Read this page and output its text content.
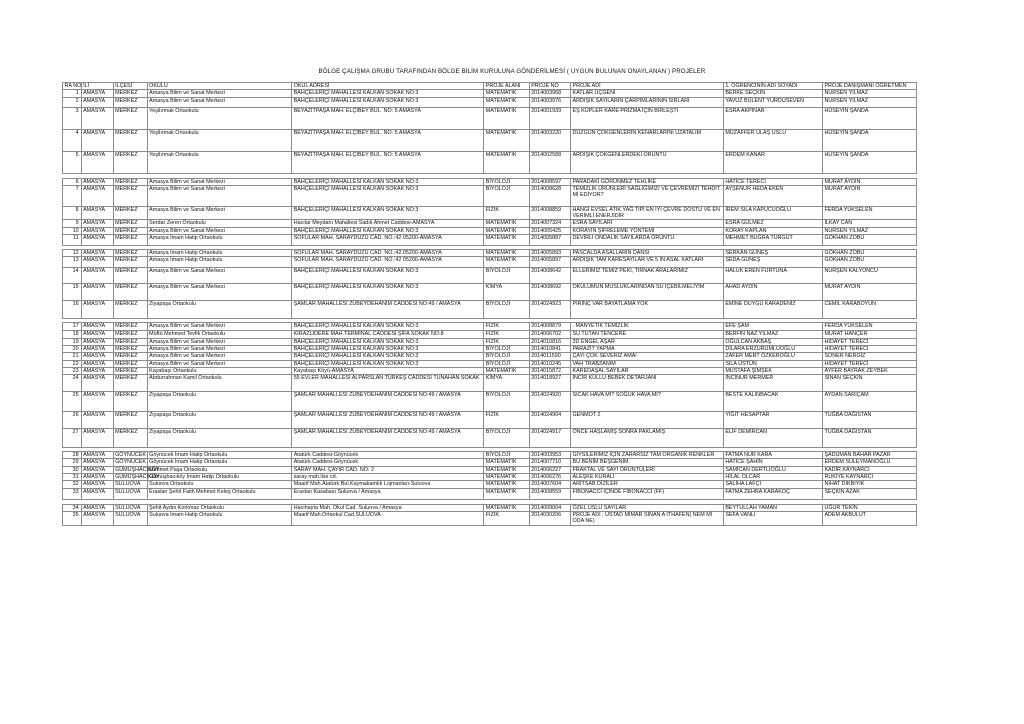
BÖLGE ÇALIŞMA GRUBU TARAFINDAN BÖLGE BİLİM KURULUNA GÖNDERİLMESİ ( UYGUN BULUNAN ONAYLANAN ) PROJELER
RA NO	İLİ	İLÇESİ	OKULU	OKUL ADRESİ	PROJE ALANI	PROJE NO	PROJE ADI	1. ÖĞRENCİNİN ADI SOYADI	PROJE DANIŞMANI ÖĞRETMEN
1	AMASYA	MERKEZ	Amasya Bilim ve Sanat Merkezi	BAHÇELERİÇİ MAHALLESİ KALKAN SOKAK NO:3	MATEMATİK	2014003968	KATLAR ÜÇGENİ	BERKE SEÇKİN	NURSEN YILMAZ
2	AMASYA	MERKEZ	Amasya Bilim ve Sanat Merkezi	BAHÇELERİÇİ MAHALLESİ KALKAN SOKAK NO:3	MATEMATİK	2014003976	ARDIŞIK SAYILARIN ÇARPIMLARININ SIRLARI	YAVUZ BÜLENT YURDUSEVEN	NURSEN YILMAZ
3	AMASYA	MERKEZ	Yeşilırmak Ortaokulu	BEYAZITPAŞA MAH. ELÇİBEY BUL. NO: 5 AMASYA	MATEMATİK	2014001939	EŞ KÜPLER KARE PRİZMA İÇİN BİRLEŞTİ	ESRA AKPINAR	HÜSEYİN ŞANDA
4	AMASYA	MERKEZ	Yeşilırmak Ortaokulu	BEYAZITPAŞA MAH. ELÇİBEY BUL. NO: 5 AMASYA	MATEMATİK	2014003220	DÜZGÜN ÇOKGENLERİN KENARLARINI UZATALIM	MUZAFFER ULAŞ USLU	HÜSEYİN ŞANDA
5	AMASYA	MERKEZ	Yeşilırmak Ortaokulu	BEYAZITPAŞA MAH. ELÇİBEY BUL. NO: 5 AMASYA	MATEMATİK	2014002588	ARDIŞIK ÇOKGENLERDEKİ ÖRÜNTÜ	ERDEM KANAR	HÜSEYİN ŞANDA

6	AMASYA	MERKEZ	Amasya Bilim ve Sanat Merkezi	BAHÇELERİÇİ MAHALLESİ KALKAN SOKAK NO:3	BİYOLOJİ	2014008597	PARADAKİ GÖRÜNMEZ TEHLİKE	HATİCE TERECİ	MURAT AYDIN
7	AMASYA	MERKEZ	Amasya Bilim ve Sanat Merkezi	BAHÇELERİÇİ MAHALLESİ KALKAN SOKAK NO:3	BİYOLOJİ	2014008628	TEMİZLİK ÜRÜNLERİ SAĞLIĞIMIZI VE ÇEVREMİZİ TEHDİT Mİ EDİYOR?	AYŞENUR HEDA EKEN	MURAT AYDIN
8	AMASYA	MERKEZ	Amasya Bilim ve Sanat Merkezi	BAHÇELERİÇİ MAHALLESİ KALKAN SOKAK NO:3	FİZİK	2014008859	HANGİ EVSEL ATIK YAĞ TİPİ EN İYİ ÇEVRE DOSTU VE EN VERİMLİ ENERJİDİR	İREM SILA KAPUCUOĞLU	FERDA YÜKSELEN
9	AMASYA	MERKEZ	Serdar Zeren Ortaokulu	Hacılar Meydanı Mahallesi Sadık Ahmet Caddesi-AMASYA	MATEMATİK	2014007324	ESRA SAYILARI	ESRA GÜLMEZ	İLKAY CAN
10	AMASYA	MERKEZ	Amasya Bilim ve Sanat Merkezi	BAHÇELERİÇİ MAHALLESİ KALKAN SOKAK NO:3	MATEMATİK	2014005425	KORAYIN ŞİFRELEME YÖNTEMİ	KORAY KAPLAN	NURSEN YILMAZ
11	AMASYA	MERKEZ	Amasya İmam Hatip Ortaokulu	SOFULAR MAH. SARAYDÜZÜ CAD. NO.:42 05200-AMASYA	MATEMATİK	2014005887	DEVİRLİ ONDALIK SAYILARDA ÖRÜNTÜ	MEHMET BUĞRA TURGUT	GÖKHAN ZOBU

12	AMASYA	MERKEZ	Amasya İmam Hatip Ortaokulu	SOFULAR MAH. SARAYDÜZÜ CAD. NO.:42 05200-AMASYA	MATEMATİK	2014005893	PASCALDA ASALLARIN DANSI	SERKAN GÜNEŞ	GÖKHAN ZOBU
13	AMASYA	MERKEZ	Amasya İmam Hatip Ortaokulu	SOFULAR MAH. SARAYDÜZÜ CAD. NO.:42 05200-AMASYA	MATEMATİK	2014005897	ARDIŞIK TAM KARESAYILAR VE 5 İN ASAL KATLARI	SEDA GÜNEŞ	GÖKHAN ZOBU
14	AMASYA	MERKEZ	Amasya Bilim ve Sanat Merkezi	BAHÇELERİÇİ MAHALLESİ KALKAN SOKAK NO:3	BİYOLOJİ	2014008642	ELLERİMİZ TEMİZ PEKİ, TIRNAK ARALARIMIZ	HALUK EREN FURTUNA	NURŞEN KALYONCU
15	AMASYA	MERKEZ	Amasya Bilim ve Sanat Merkezi	BAHÇELERİÇİ MAHALLESİ KALKAN SOKAK NO:3	KİMYA	2014008692	OKULUMUN MUSLUKLARINDAN SU İÇEBİLMELİYİM	AHAD AYDIN	MURAT AYDIN
16	AMASYA	MERKEZ	Ziyapaşa Ortaokulu	ŞAMLAR MAHALLESİ ZÜBEYDEHANIM CADDESİ NO:49 / AMASYA	BİYOLOJİ	2014024923	PİRİNÇ VAR BAYATLAMA YOK	EMİNE DUYGU KARADENİZ	CEMİL KARABOYUN

17	AMASYA	MERKEZ	Amasya Bilim ve Sanat Merkezi	BAHÇELERİÇİ MAHALLESİ KALKAN SOKAK NO:3	FİZİK	2014008879	. MANYETİK TEMİZLİK	EFE ŞAM	FERDA YÜKSELEN
18	AMASYA	MERKEZ	Müftü Mehmed Tevfik Ortaokulu	KİRAZLIDERE MAH.TERMİNAL CADDESİ ŞİFA SOKAK NO:8	FİZİK	2014006702	SU TUTAN TENCERE	BERFİN NAZ YILMAZ	MURAT HANÇER
19	AMASYA	MERKEZ	Amasya Bilim ve Sanat Merkezi	BAHÇELERİÇİ MAHALLESİ KALKAN SOKAK NO:3	FİZİK	2014010816	3D ENGEL AŞAR	OĞULCAN AKBAŞ	HİDAYET TERECİ
20	AMASYA	MERKEZ	Amasya Bilim ve Sanat Merkezi	BAHÇELERİÇİ MAHALLESİ KALKAN SOKAK NO:3	BİYOLOJİ	2014010841	PARAZİT YAPMA	DİLARA ERZURUMLUOĞLU	HİDAYET TERECİ
21	AMASYA	MERKEZ	Amasya Bilim ve Sanat Merkezi	BAHÇELERİÇİ MAHALLESİ KALKAN SOKAK NO:3	BİYOLOJİ	2014011590	ÇAYI ÇOK SEVERİZ AMA!	ZAFER MERT ÖZKEROĞLU	SONER NERGİZ
22	AMASYA	MERKEZ	Amasya Bilim ve Sanat Merkezi	BAHÇELERİÇİ MAHALLESİ KALKAN SOKAK NO:3	BİYOLOJİ	2014010245	VAH TRABZANIM	SILA ÜSTÜN	HİDAYET TERECİ
23	AMASYA	MERKEZ	Kayabaşı Ortaokulu	Kayabaşı Köyü-AMASYA	MATEMATİK	2014015872	KAREDAŞAL SAYILAR	MUSTAFA ŞİMŞEK	AYFER BAYRAK ZEYBEK
24	AMASYA	MERKEZ	Abdurrahman Kamil Ortaokulu	55 EVLER MAHALLESİ ALPARSLAN TÜRKEŞ CADDESİ TUNAHAN SOKAK	KİMYA	2014018927	İNCİR KÜLLÜ BEBEK DETARJANI	İNCİNUR MERMER	SİNAN SEÇKİN
25	AMASYA	MERKEZ	Ziyapaşa Ortaokulu	ŞAMLAR MAHALLESİ ZÜBEYDEHANIM CADDESİ NO:49 / AMASYA	BİYOLOJİ	2014024920	SICAK HAVA MI? SOĞUK HAVA MI?	BESTE KALINBACAK	AYDAN SARIÇAM
26	AMASYA	MERKEZ	Ziyapaşa Ortaokulu	ŞAMLAR MAHALLESİ ZÜBEYDEHANIM CADDESİ NO:49 / AMASYA	FİZİK	2014024904	GENMOT 2	YİĞİT HESAPTAR	TUĞBA DAĞISTAN
27	AMASYA	MERKEZ	Ziyapaşa Ortaokulu	ŞAMLAR MAHALLESİ ZÜBEYDEHANIM CADDESİ NO:49 / AMASYA	BİYOLOJİ	2014024917	ÖNCE HAŞLAMIŞ SONRA PAKLAMIŞ	ELİF DEMİRCAN	TUĞBA DAĞISTAN

28	AMASYA	GÖYNÜCEK	Göynücek İmam Hatip Ortaokulu	Atatürk Caddesi-Göynücek	BİYOLOJİ	2014003953	GİYSİLERİMİZ İÇİN ZARARSIZ TAM ORGANİK RENKLER	FATMA NUR KARA	ŞADUMAN BAHAR PAZAR
29	AMASYA	GÖYNÜCEK	Göynücek İmam Hatip Ortaokulu	Atatürk Caddesi-Göynücek	MATEMATİK	2014007710	BU BENİM BEŞGENİM	HATİCE ŞAHİN	ERDEM SÜLEYMANOĞLU
30	AMASYA	GÜMÜŞHACIKÖY	Mehmet Paşa Ortaokulu	SARAY MAH. ÇAYIR CAD. NO: 2	MATEMATİK	2014006227	FRAKTAL VE SAYI ÖRÜNTÜLERİ	SAMİCAN DERTLİOĞLU	KADİR KAYNARCI
31	AMASYA	GÜMÜŞHACIKÖY	Gümüşhacıköy İmam Hatip Ortaokulu	saray mah.lise cd.	MATEMATİK	2014006276	ALEŞKE KURALI	HİLAL OLCAR	RUKİYE KAYNARCI
32	AMASYA	SULUOVA	Suluova Ortaokulu	Maarif Mah.Atatürk Bul.Kaymakamlık Lojmanları-Suluova	MATEMATİK	2014007604	ARİTSAB DİZİLER	SALİHA LAFÇI	NİHAT DIKBIYIK
33	AMASYA	SULUOVA	Eraslan Şehit Fatih Mehmet Keleş Ortaokulu	Eraslan Kasabası Suluova / Amasya	MATEMATİK	2014008559	FİBONACCİ İÇİNDE FİBONACCİ (FF)	FATMA ZEHRA KARAKOÇ	SEÇKİN AZAK

34	AMASYA	SULUOVA	Şehit Aydın Korkmaz Ortaokulu	Hacıhayta Mah. Okul Cad. Suluova / Amasya	MATEMATİK	2014009004	ÖZEL USLU SAYILAR	BEYTULLAH YAMAN	UĞUR TEKİN
35	AMASYA	SULUOVA	Suluova İmam Hatip Ortaokulu	Maarif Mah.Ortaokul Cad.SULUOVA	FİZİK	2014030206	PROJE ADI : ÜSTAD MİMAR SİNAN A İTHAFEN( NEM Mİ ODA NE)	SEFA VANLI	ADEM AKBULUT
